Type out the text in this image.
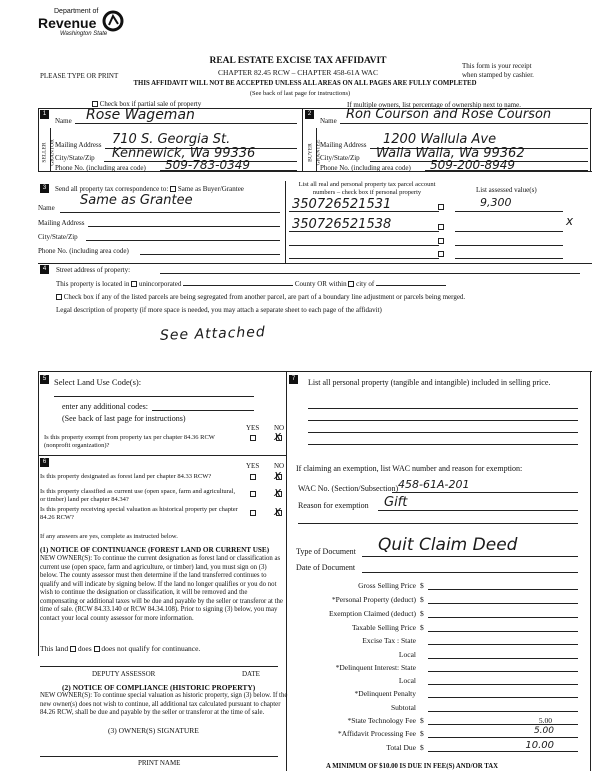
Department of
Revenue
Washington State
PLEASE TYPE OR PRINT
REAL ESTATE EXCISE TAX AFFIDAVIT
CHAPTER 82.45 RCW – CHAPTER 458-61A WAC
THIS AFFIDAVIT WILL NOT BE ACCEPTED UNLESS ALL AREAS ON ALL PAGES ARE FULLY COMPLETED
(See back of last page for instructions)
This form is your receipt
when stamped by cashier.
Check box if partial sale of property	If multiple owners, list percentage of ownership next to name.
1
SELLER GRANTOR
Name Rose Wageman
Mailing Address 710 S. Georgia St.
City/State/Zip Kennewick, Wa 99336
Phone No. (including area code) 509-783-0349
2
BUYER GRANTEE
Name Ron Courson and Rose Courson
Mailing Address 1200 Wallula Ave
City/State/Zip Walla Walla, Wa 99362
Phone No. (including area code) 509-200-8949
3	Send all property tax correspondence to: Same as Buyer/Grantee
Name Same as Grantee
Mailing Address
City/State/Zip
Phone No. (including area code)
List all real and personal property tax parcel account numbers – check box if personal property	List assessed value(s)
350726521531	9,300
x
350726521538
4	Street address of property:
This property is located in unincorporated	County OR within city of
Check box if any of the listed parcels are being segregated from another parcel, are part of a boundary line adjustment or parcels being merged.
Legal description of property (if more space is needed, you may attach a separate sheet to each page of the affidavit)
See Attached
5 Select Land Use Code(s):
enter any additional codes:
(See back of last page for instructions)
YES NO
Is this property exempt from property tax per chapter 84.36 RCW (nonprofit organization)?
x
6	YES NO
Is this property designated as forest land per chapter 84.33 RCW?	x
Is this property classified as current use (open space, farm and agricultural, or timber) land per chapter 84.34?	x
Is this property receiving special valuation as historical property per chapter 84.26 RCW?	x
If any answers are yes, complete as instructed below.
(1) NOTICE OF CONTINUANCE (FOREST LAND OR CURRENT USE)
NEW OWNER(S): To continue the current designation as forest land or classification as current use (open space, farm and agriculture, or timber) land, you must sign on (3) below. The county assessor must then determine if the land transferred continues to qualify and will indicate by signing below. If the land no longer qualifies or you do not wish to continue the designation or classification, it will be removed and the compensating or additional taxes will be due and payable by the seller or transferor at the time of sale. (RCW 84.33.140 or RCW 84.34.108). Prior to signing (3) below, you may contact your local county assessor for more information.
This land does does not qualify for continuance.
DEPUTY ASSESSOR	DATE
(2) NOTICE OF COMPLIANCE (HISTORIC PROPERTY)
NEW OWNER(S): To continue special valuation as historic property, sign (3) below. If the new owner(s) does not wish to continue, all additional tax calculated pursuant to chapter 84.26 RCW, shall be due and payable by the seller or transferor at the time of sale.
(3) OWNER(S) SIGNATURE
PRINT NAME
7	List all personal property (tangible and intangible) included in selling price.
If claiming an exemption, list WAC number and reason for exemption:
WAC No. (Section/Subsection) 458-61A-201
Reason for exemption Gift
Type of Document Quit Claim Deed
Date of Document
Gross Selling Price $
*Personal Property (deduct) $
Exemption Claimed (deduct) $
Taxable Selling Price $
Excise Tax : State
Local
*Delinquent Interest: State
Local
*Delinquent Penalty
Subtotal
*State Technology Fee $	5.00
*Affidavit Processing Fee $	5.00
Total Due $	10.00
A MINIMUM OF $10.00 IS DUE IN FEE(S) AND/OR TAX
